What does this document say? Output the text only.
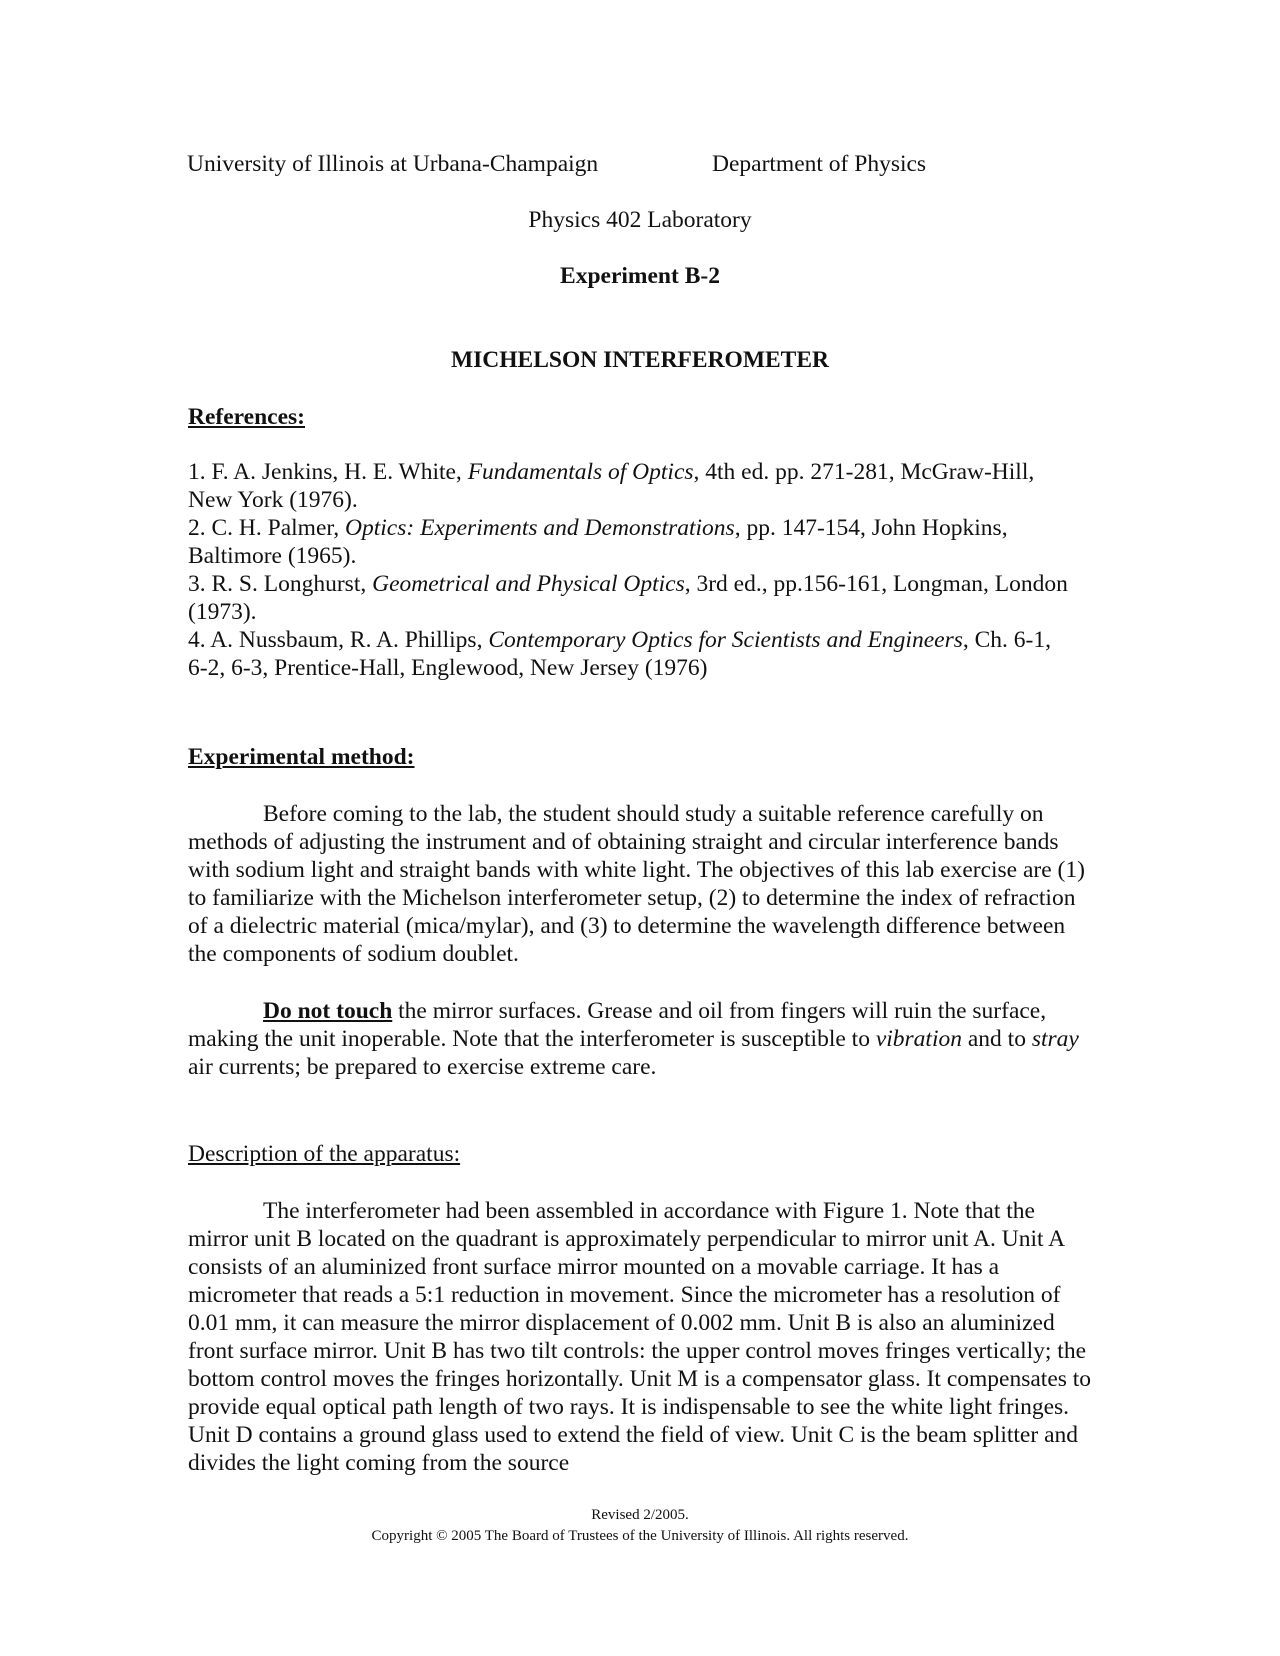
University of Illinois at Urbana-Champaign	Department of Physics
Physics 402 Laboratory
Experiment B-2
MICHELSON INTERFEROMETER
References:

1. F. A. Jenkins, H. E. White, Fundamentals of Optics, 4th ed. pp. 271-281, McGraw-Hill, New York (1976).

2. C. H. Palmer, Optics: Experiments and Demonstrations, pp. 147-154, John Hopkins, Baltimore (1965).

3. R. S. Longhurst, Geometrical and Physical Optics, 3rd ed., pp.156-161, Longman, London (1973).

4. A. Nussbaum, R. A. Phillips, Contemporary Optics for Scientists and Engineers, Ch. 6-1, 6-2, 6-3, Prentice-Hall, Englewood, New Jersey (1976)

Experimental method:

Before coming to the lab, the student should study a suitable reference carefully on methods of adjusting the instrument and of obtaining straight and circular interference bands with sodium light and straight bands with white light. The objectives of this lab exercise are (1) to familiarize with the Michelson interferometer setup, (2) to determine the index of refraction of a dielectric material (mica/mylar), and (3) to determine the wavelength difference between the components of sodium doublet.

Do not touch the mirror surfaces. Grease and oil from fingers will ruin the surface, making the unit inoperable. Note that the interferometer is susceptible to vibration and to stray air currents; be prepared to exercise extreme care.

Description of the apparatus:

The interferometer had been assembled in accordance with Figure 1. Note that the mirror unit B located on the quadrant is approximately perpendicular to mirror unit A. Unit A consists of an aluminized front surface mirror mounted on a movable carriage. It has a micrometer that reads a 5:1 reduction in movement. Since the micrometer has a resolution of 0.01 mm, it can measure the mirror displacement of 0.002 mm. Unit B is also an aluminized front surface mirror. Unit B has two tilt controls: the upper control moves fringes vertically; the bottom control moves the fringes horizontally. Unit M is a compensator glass. It compensates to provide equal optical path length of two rays. It is indispensable to see the white light fringes. Unit D contains a ground glass used to extend the field of view. Unit C is the beam splitter and divides the light coming from the source

Revised 2/2005.
Copyright © 2005 The Board of Trustees of the University of Illinois. All rights reserved.
